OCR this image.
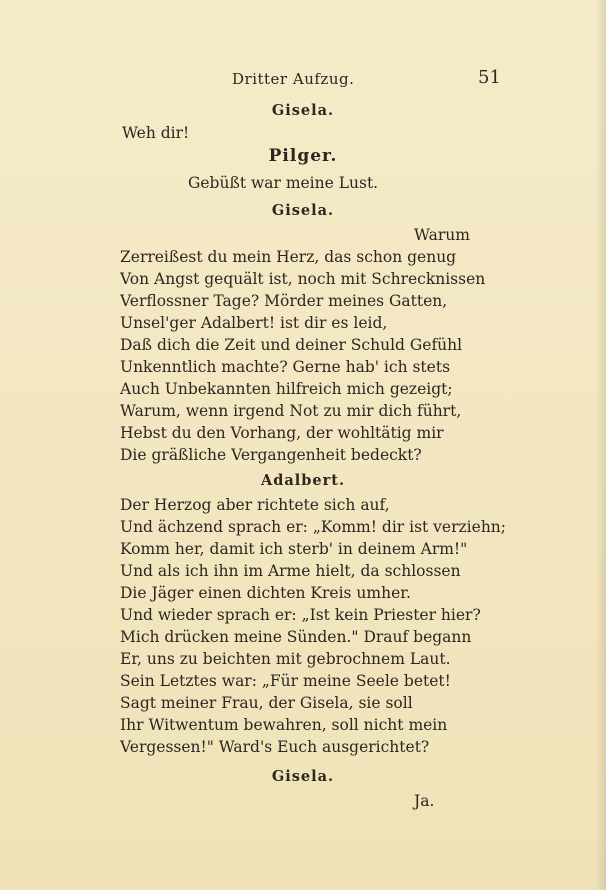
Dritter Aufzug.	51
Gisela.
Weh dir!
Pilger.
Gebüßt war meine Lust.
Gisela.
Warum
Zerreißest du mein Herz, das schon genug
Von Angst gequält ist, noch mit Schrecknissen
Verflossner Tage? Mörder meines Gatten,
Unsel'ger Adalbert! ist dir es leid,
Daß dich die Zeit und deiner Schuld Gefühl
Unkenntlich machte? Gerne hab' ich stets
Auch Unbekannten hilfreich mich gezeigt;
Warum, wenn irgend Not zu mir dich führt,
Hebst du den Vorhang, der wohltätig mir
Die gräßliche Vergangenheit bedeckt?
Adalbert.
Der Herzog aber richtete sich auf,
Und ächzend sprach er: „Komm! dir ist verziehn;
Komm her, damit ich sterb' in deinem Arm!"
Und als ich ihn im Arme hielt, da schlossen
Die Jäger einen dichten Kreis umher.
Und wieder sprach er: „Ist kein Priester hier?
Mich drücken meine Sünden." Drauf begann
Er, uns zu beichten mit gebrochnem Laut.
Sein Letztes war: „Für meine Seele betet!
Sagt meiner Frau, der Gisela, sie soll
Ihr Witwentum bewahren, soll nicht mein
Vergessen!" Ward's Euch ausgerichtet?
Gisela.
Ja.
